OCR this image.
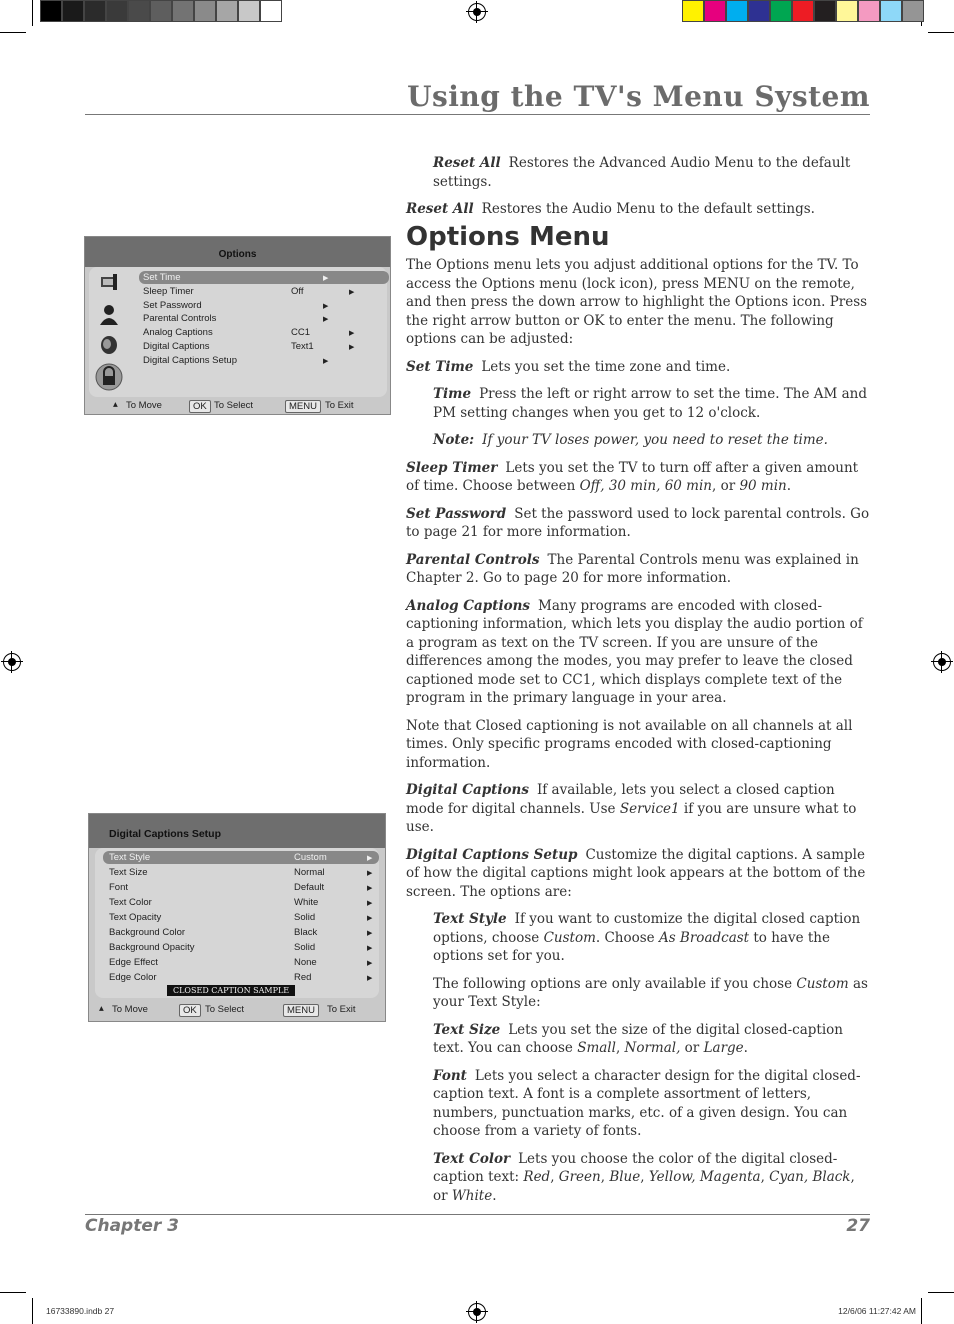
Using the TV's Menu System

Reset All Restores the Advanced Audio Menu to the default settings.

Reset All Restores the Audio Menu to the default settings.

Options Menu

The Options menu lets you adjust additional options for the TV. To access the Options menu (lock icon), press MENU on the remote, and then press the down arrow to highlight the Options icon. Press the right arrow button or OK to enter the menu. The following options can be adjusted:

Set Time Lets you set the time zone and time.

Time Press the left or right arrow to set the time. The AM and PM setting changes when you get to 12 o'clock.

Note: If your TV loses power, you need to reset the time.

Sleep Timer Lets you set the TV to turn off after a given amount of time. Choose between Off, 30 min, 60 min, or 90 min.

Set Password Set the password used to lock parental controls. Go to page 21 for more information.

Parental Controls The Parental Controls menu was explained in Chapter 2. Go to page 20 for more information.

Analog Captions Many programs are encoded with closed-captioning information, which lets you display the audio portion of a program as text on the TV screen. If you are unsure of the differences among the modes, you may prefer to leave the closed captioned mode set to CC1, which displays complete text of the program in the primary language in your area.

Note that Closed captioning is not available on all channels at all times. Only specific programs encoded with closed-captioning information.

Digital Captions If available, lets you select a closed caption mode for digital channels. Use Service1 if you are unsure what to use.

Digital Captions Setup Customize the digital captions. A sample of how the digital captions might look appears at the bottom of the screen. The options are:

Text Style If you want to customize the digital closed caption options, choose Custom. Choose As Broadcast to have the options set for you.

The following options are only available if you chose Custom as your Text Style:

Text Size Lets you set the size of the digital closed-caption text. You can choose Small, Normal, or Large.

Font Lets you select a character design for the digital closed-caption text. A font is a complete assortment of letters, numbers, punctuation marks, etc. of a given design. You can choose from a variety of fonts.

Text Color Lets you choose the color of the digital closed-caption text: Red, Green, Blue, Yellow, Magenta, Cyan, Black, or White.

Options
Set Time	▶
Sleep Timer	Off	▶
Set Password	▶
Parental Controls	▶
Analog Captions	CC1	▶
Digital Captions	Text1	▶
Digital Captions Setup	▶
▴ To Move	OK To Select	MENU To Exit
Digital Captions Setup
Text Style	Custom	▶
Text Size	Normal	▶
Font	Default	▶
Text Color	White	▶
Text Opacity	Solid	▶
Background Color	Black	▶
Background Opacity	Solid	▶
Edge Effect	None	▶
Edge Color	Red	▶
CLOSED CAPTION SAMPLE
▴ To Move	OK To Select	MENU	To Exit
Chapter 3	27
16733890.indb 27	12/6/06 11:27:42 AM
